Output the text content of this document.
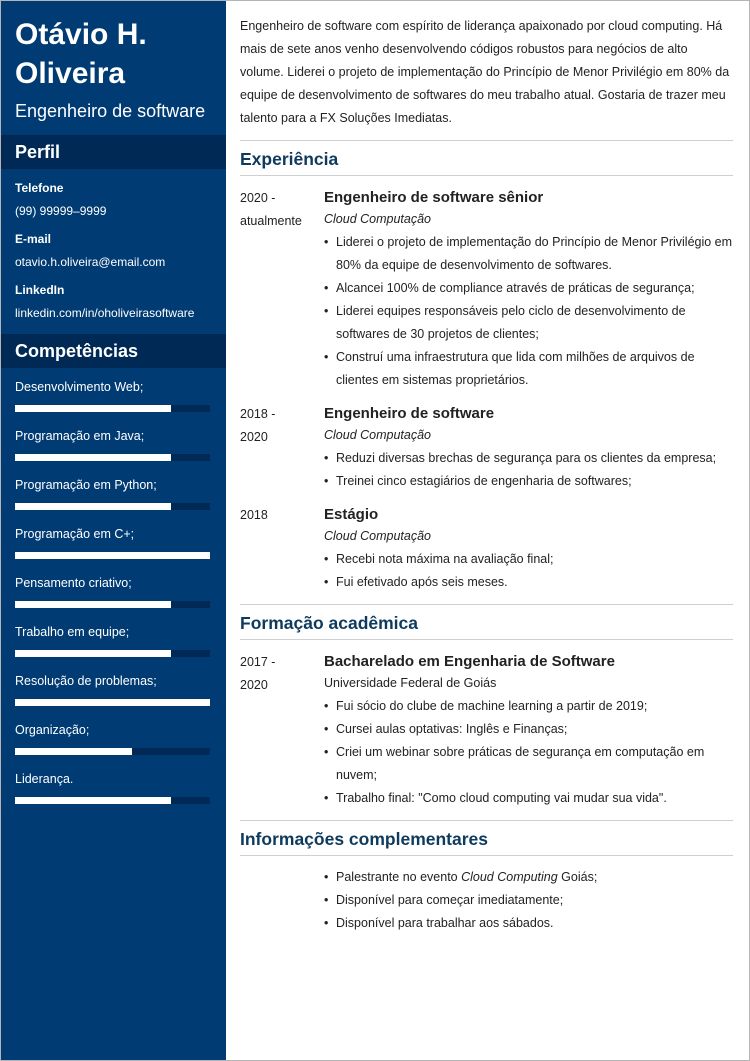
Otávio H.
Oliveira
Engenheiro de software
Perfil
Telefone
(99) 99999–9999
E-mail
otavio.h.oliveira@email.com
LinkedIn
linkedin.com/in/oholiveirasoftware
Competências
Desenvolvimento Web;
Programação em Java;
Programação em Python;
Programação em C+;
Pensamento criativo;
Trabalho em equipe;
Resolução de problemas;
Organização;
Liderança.
Engenheiro de software com espírito de liderança apaixonado por cloud computing. Há mais de sete anos venho desenvolvendo códigos robustos para negócios de alto volume. Liderei o projeto de implementação do Princípio de Menor Privilégio em 80% da equipe de desenvolvimento de softwares do meu trabalho atual. Gostaria de trazer meu talento para a FX Soluções Imediatas.
Experiência
2020 -
atualmente
Engenheiro de software sênior
Cloud Computação
• Liderei o projeto de implementação do Princípio de Menor Privilégio em 80% da equipe de desenvolvimento de softwares.
• Alcancei 100% de compliance através de práticas de segurança;
• Liderei equipes responsáveis pelo ciclo de desenvolvimento de softwares de 30 projetos de clientes;
• Construí uma infraestrutura que lida com milhões de arquivos de clientes em sistemas proprietários.
2018 -
2020
Engenheiro de software
Cloud Computação
• Reduzi diversas brechas de segurança para os clientes da empresa;
• Treinei cinco estagiários de engenharia de softwares;
2018	Estágio
Cloud Computação
• Recebi nota máxima na avaliação final;
• Fui efetivado após seis meses.
Formação acadêmica
2017 -
2020
Bacharelado em Engenharia de Software
Universidade Federal de Goiás
• Fui sócio do clube de machine learning a partir de 2019;
• Cursei aulas optativas: Inglês e Finanças;
• Criei um webinar sobre práticas de segurança em computação em nuvem;
• Trabalho final: "Como cloud computing vai mudar sua vida".
Informações complementares
• Palestrante no evento Cloud Computing Goiás;
• Disponível para começar imediatamente;
• Disponível para trabalhar aos sábados.
